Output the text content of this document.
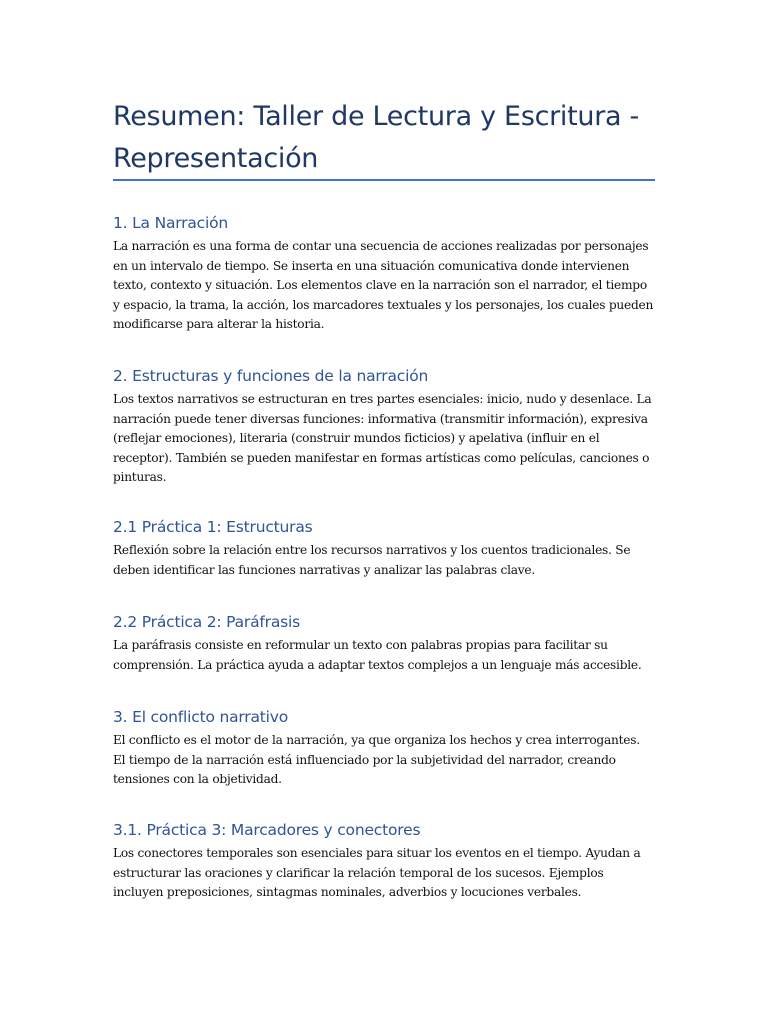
Resumen: Taller de Lectura y Escritura - Representación
1. La Narración

La narración es una forma de contar una secuencia de acciones realizadas por personajes en un intervalo de tiempo. Se inserta en una situación comunicativa donde intervienen texto, contexto y situación. Los elementos clave en la narración son el narrador, el tiempo y espacio, la trama, la acción, los marcadores textuales y los personajes, los cuales pueden modificarse para alterar la historia.

2. Estructuras y funciones de la narración

Los textos narrativos se estructuran en tres partes esenciales: inicio, nudo y desenlace. La narración puede tener diversas funciones: informativa (transmitir información), expresiva (reflejar emociones), literaria (construir mundos ficticios) y apelativa (influir en el receptor). También se pueden manifestar en formas artísticas como películas, canciones o pinturas.

2.1 Práctica 1: Estructuras

Reflexión sobre la relación entre los recursos narrativos y los cuentos tradicionales. Se deben identificar las funciones narrativas y analizar las palabras clave.

2.2 Práctica 2: Paráfrasis

La paráfrasis consiste en reformular un texto con palabras propias para facilitar su comprensión. La práctica ayuda a adaptar textos complejos a un lenguaje más accesible.

3. El conflicto narrativo

El conflicto es el motor de la narración, ya que organiza los hechos y crea interrogantes. El tiempo de la narración está influenciado por la subjetividad del narrador, creando tensiones con la objetividad.

3.1. Práctica 3: Marcadores y conectores

Los conectores temporales son esenciales para situar los eventos en el tiempo. Ayudan a estructurar las oraciones y clarificar la relación temporal de los sucesos. Ejemplos incluyen preposiciones, sintagmas nominales, adverbios y locuciones verbales.
